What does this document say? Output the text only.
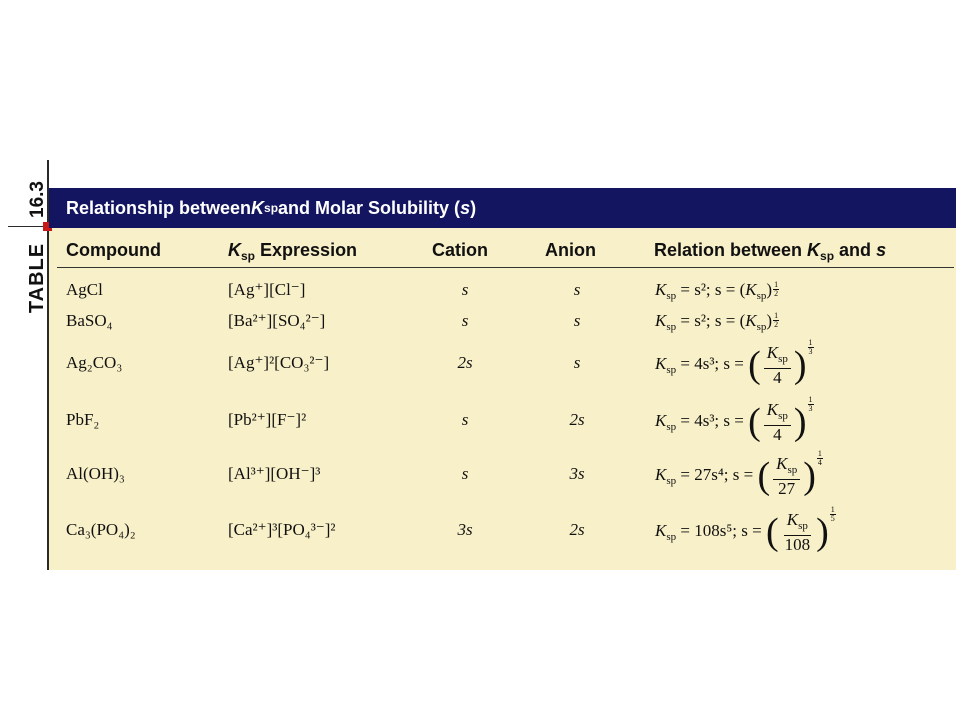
TABLE
16.3 Relationship between K sp and Molar Solubility ( s )
Compound	$K_{sp}$ Expression	Cation	Anion	Relation between $K_{sp}$ and s
AgCl	[Ag⁺][Cl⁻]	s	s	$K_{sp} = s^2$; $s = (K_{sp}) \frac{1}{2}$
BaSO₄	[Ba²⁺][SO₄²⁻]	s	s	$K_{sp} = s^2$; $s = (K_{sp}) \frac{1}{2}$
Ag₂CO₃	[Ag⁺]²[CO₃²⁻]	2s	s	$K_{sp} = 4s^3$; s = ( $\frac{K_{sp}}{4}$ ) $\frac{1}{3}$
PbF₂	[Pb²⁺][F⁻]²	s	2s	$K_{sp} = 4s^3$; s = ( $\frac{K_{sp}}{4}$ ) $\frac{1}{3}$
Al(OH)₃	[Al³⁺][OH⁻]³	s	3s	$K_{sp} = 27s^4$; s = ( $\frac{K_{sp}}{27}$ ) $\frac{1}{4}$
Ca₃(PO₄)₂	[Ca²⁺]³[PO₄³⁻]²	3s	2s	$K_{sp} = 108s^5$; s = ( $\frac{K_{sp}}{108}$ ) $\frac{1}{5}$
